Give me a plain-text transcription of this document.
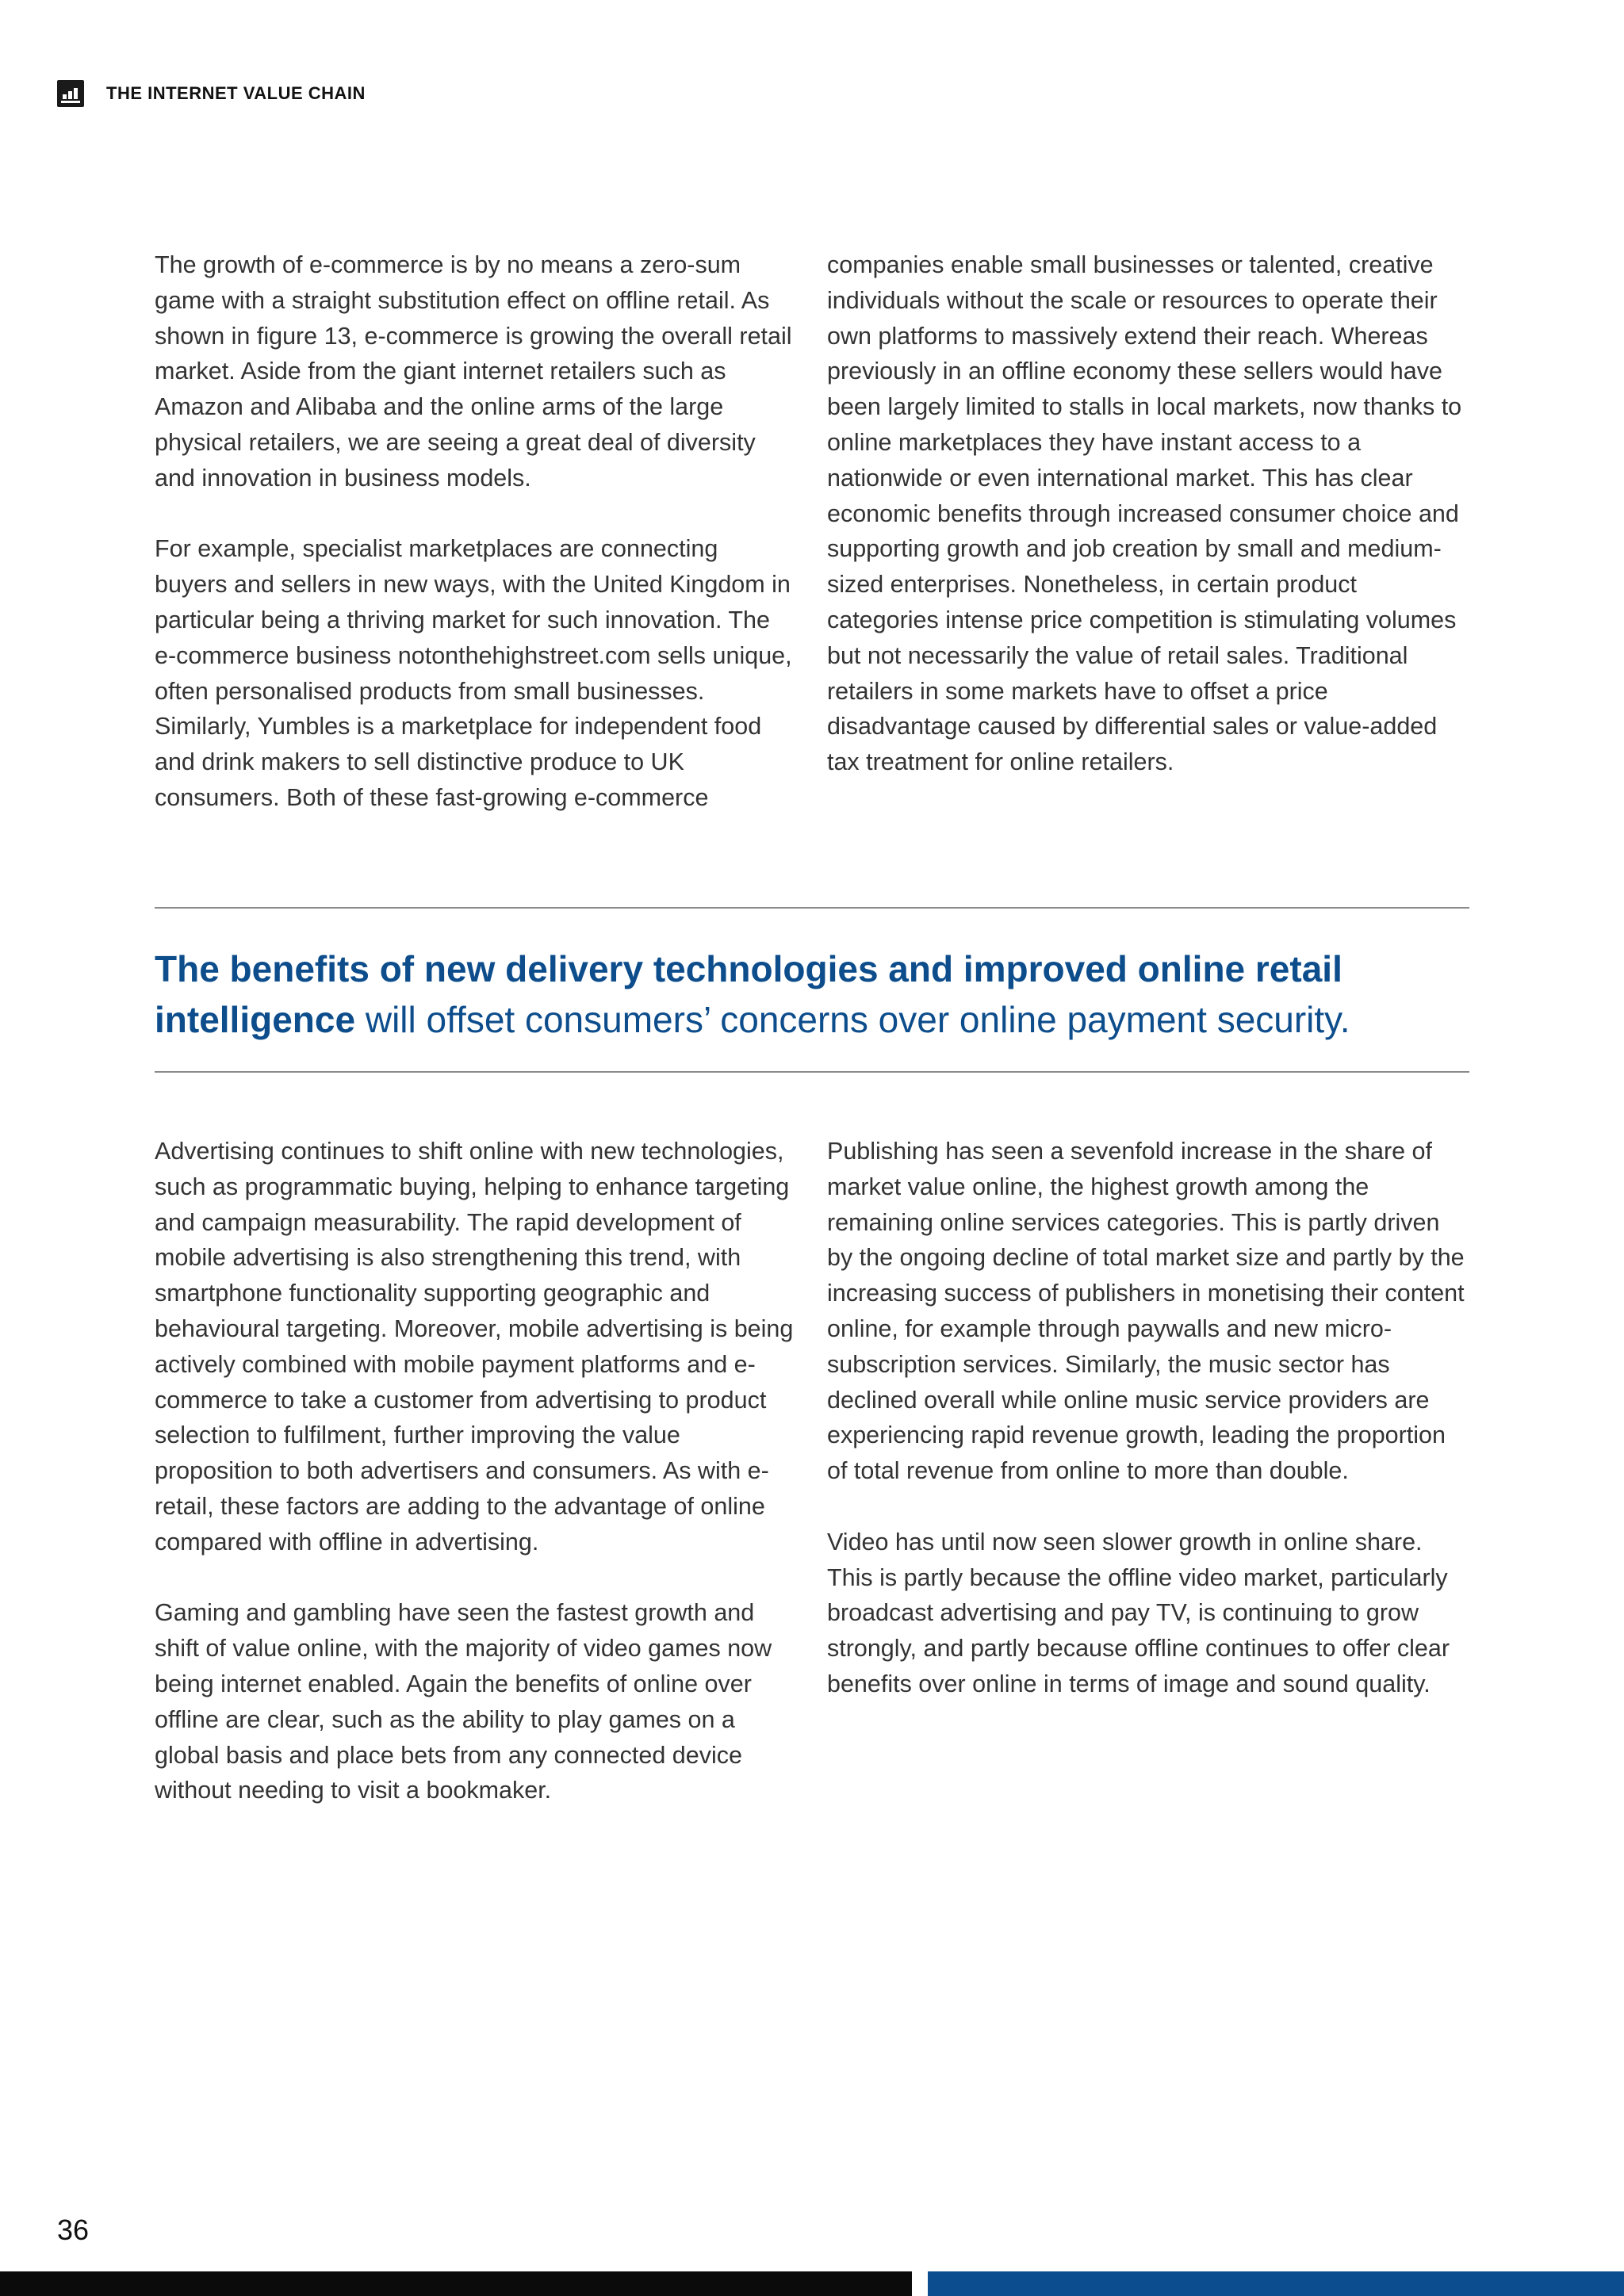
THE INTERNET VALUE CHAIN

The growth of e-commerce is by no means a zero-sum game with a straight substitution effect on offline retail. As shown in figure 13, e-commerce is growing the overall retail market. Aside from the giant internet retailers such as Amazon and Alibaba and the online arms of the large physical retailers, we are seeing a great deal of diversity and innovation in business models.

For example, specialist marketplaces are connecting buyers and sellers in new ways, with the United Kingdom in particular being a thriving market for such innovation. The e-commerce business notonthehighstreet.com sells unique, often personalised products from small businesses. Similarly, Yumbles is a marketplace for independent food and drink makers to sell distinctive produce to UK consumers. Both of these fast-growing e-commerce

companies enable small businesses or talented, creative individuals without the scale or resources to operate their own platforms to massively extend their reach. Whereas previously in an offline economy these sellers would have been largely limited to stalls in local markets, now thanks to online marketplaces they have instant access to a nationwide or even international market. This has clear economic benefits through increased consumer choice and supporting growth and job creation by small and medium-sized enterprises. Nonetheless, in certain product categories intense price competition is stimulating volumes but not necessarily the value of retail sales. Traditional retailers in some markets have to offset a price disadvantage caused by differential sales or value-added tax treatment for online retailers.

The benefits of new delivery technologies and improved online retail intelligence will offset consumers’ concerns over online payment security.

Advertising continues to shift online with new technologies, such as programmatic buying, helping to enhance targeting and campaign measurability. The rapid development of mobile advertising is also strengthening this trend, with smartphone functionality supporting geographic and behavioural targeting. Moreover, mobile advertising is being actively combined with mobile payment platforms and e-commerce to take a customer from advertising to product selection to fulfilment, further improving the value proposition to both advertisers and consumers. As with e-retail, these factors are adding to the advantage of online compared with offline in advertising.

Gaming and gambling have seen the fastest growth and shift of value online, with the majority of video games now being internet enabled. Again the benefits of online over offline are clear, such as the ability to play games on a global basis and place bets from any connected device without needing to visit a bookmaker.

Publishing has seen a sevenfold increase in the share of market value online, the highest growth among the remaining online services categories. This is partly driven by the ongoing decline of total market size and partly by the increasing success of publishers in monetising their content online, for example through paywalls and new micro-subscription services. Similarly, the music sector has declined overall while online music service providers are experiencing rapid revenue growth, leading the proportion of total revenue from online to more than double.

Video has until now seen slower growth in online share. This is partly because the offline video market, particularly broadcast advertising and pay TV, is continuing to grow strongly, and partly because offline continues to offer clear benefits over online in terms of image and sound quality.

36
